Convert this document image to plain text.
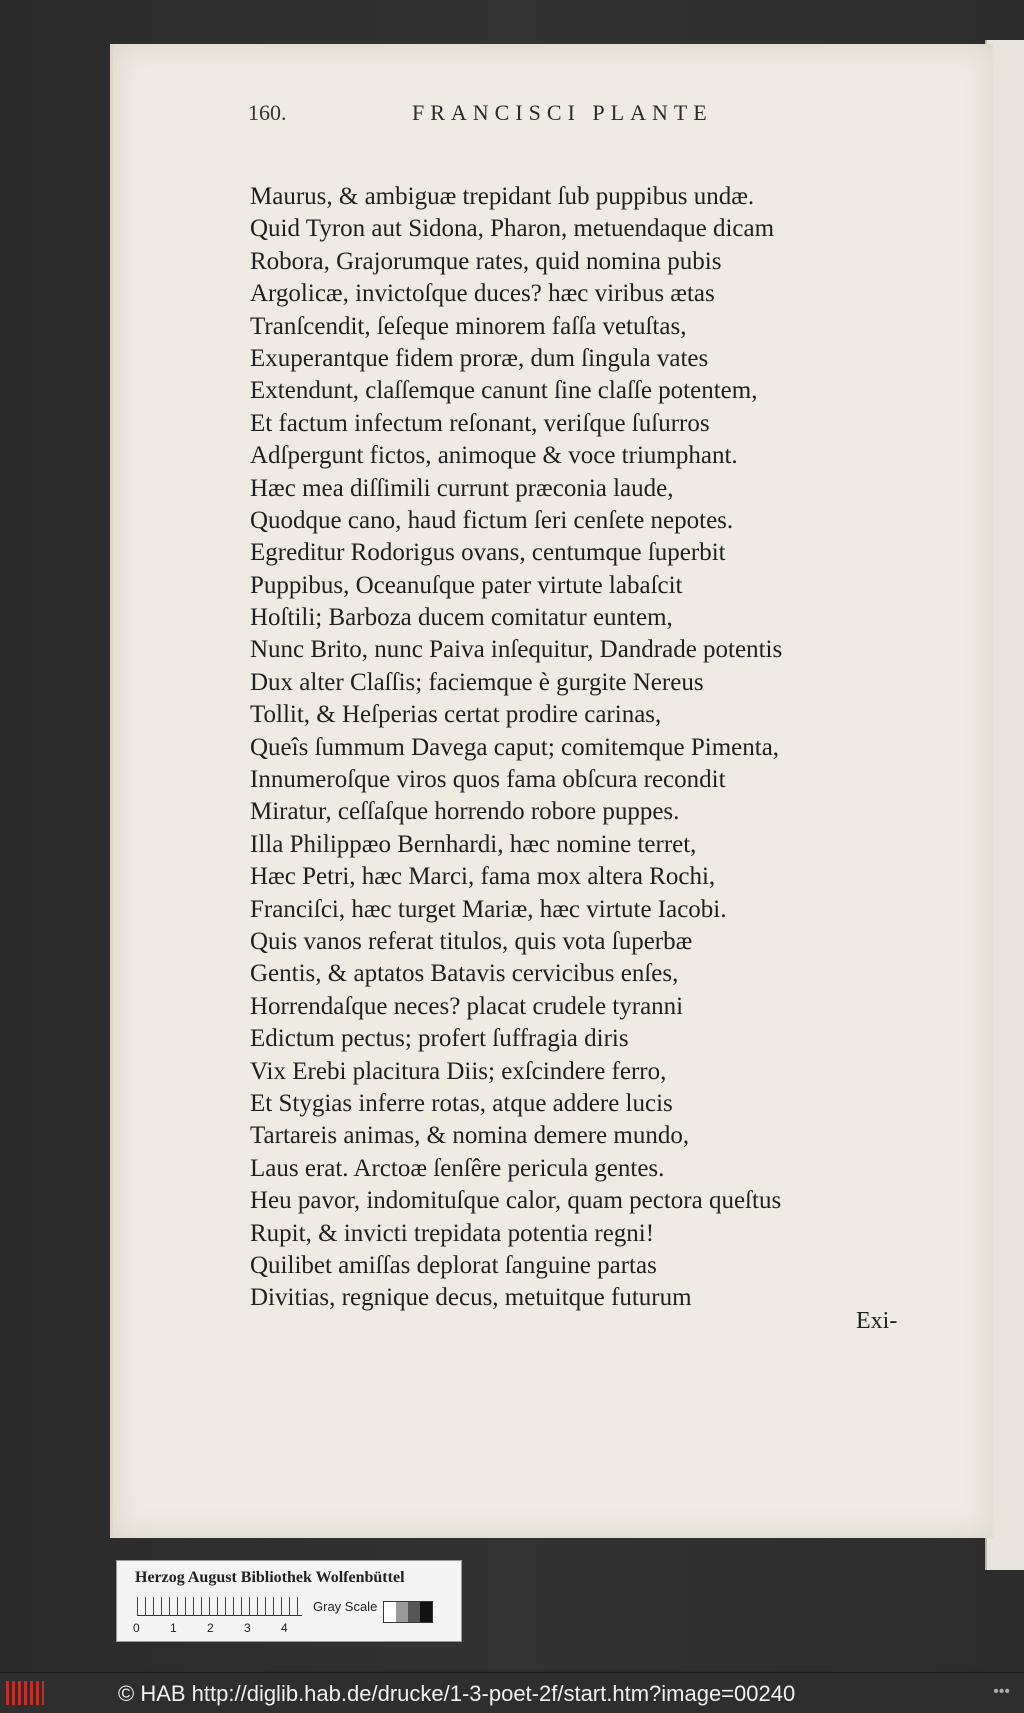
160.	FRANCISCI PLANTE
Maurus, & ambiguæ trepidant ſub puppibus undæ.
Quid Tyron aut Sidona, Pharon, metuendaque dicam
Robora, Grajorumque rates, quid nomina pubis
Argolicæ, invictoſque duces? hæc viribus ætas
Tranſcendit, ſeſeque minorem faſſa vetuſtas,
Exuperantque fidem proræ, dum ſingula vates
Extendunt, claſſemque canunt ſine claſſe potentem,
Et factum infectum reſonant, veriſque ſuſurros
Adſpergunt fictos, animoque & voce triumphant.
Hæc mea diſſimili currunt præconia laude,
Quodque cano, haud fictum ſeri cenſete nepotes.
Egreditur Rodorigus ovans, centumque ſuperbit
Puppibus, Oceanuſque pater virtute labaſcit
Hoſtili; Barboza ducem comitatur euntem,
Nunc Brito, nunc Paiva inſequitur, Dandrade potentis
Dux alter Claſſis; faciemque è gurgite Nereus
Tollit, & Heſperias certat prodire carinas,
Queîs ſummum Davega caput; comitemque Pimenta,
Innumeroſque viros quos fama obſcura recondit
Miratur, ceſſaſque horrendo robore puppes.
Illa Philippæo Bernhardi, hæc nomine terret,
Hæc Petri, hæc Marci, fama mox altera Rochi,
Franciſci, hæc turget Mariæ, hæc virtute Iacobi.
Quis vanos referat titulos, quis vota ſuperbæ
Gentis, & aptatos Batavis cervicibus enſes,
Horrendaſque neces? placat crudele tyranni
Edictum pectus; profert ſuffragia diris
Vix Erebi placitura Diis; exſcindere ferro,
Et Stygias inferre rotas, atque addere lucis
Tartareis animas, & nomina demere mundo,
Laus erat. Arctoæ ſenſêre pericula gentes.
Heu pavor, indomituſque calor, quam pectora queſtus
Rupit, & invicti trepidata potentia regni!
Quilibet amiſſas deplorat ſanguine partas
Divitias, regnique decus, metuitque futurum
Exi-
Herzog August Bibliothek Wolfenbüttel
0	1	2	3	4
Gray Scale
© HAB http://diglib.hab.de/drucke/1-3-poet-2f/start.htm?image=00240	•••
